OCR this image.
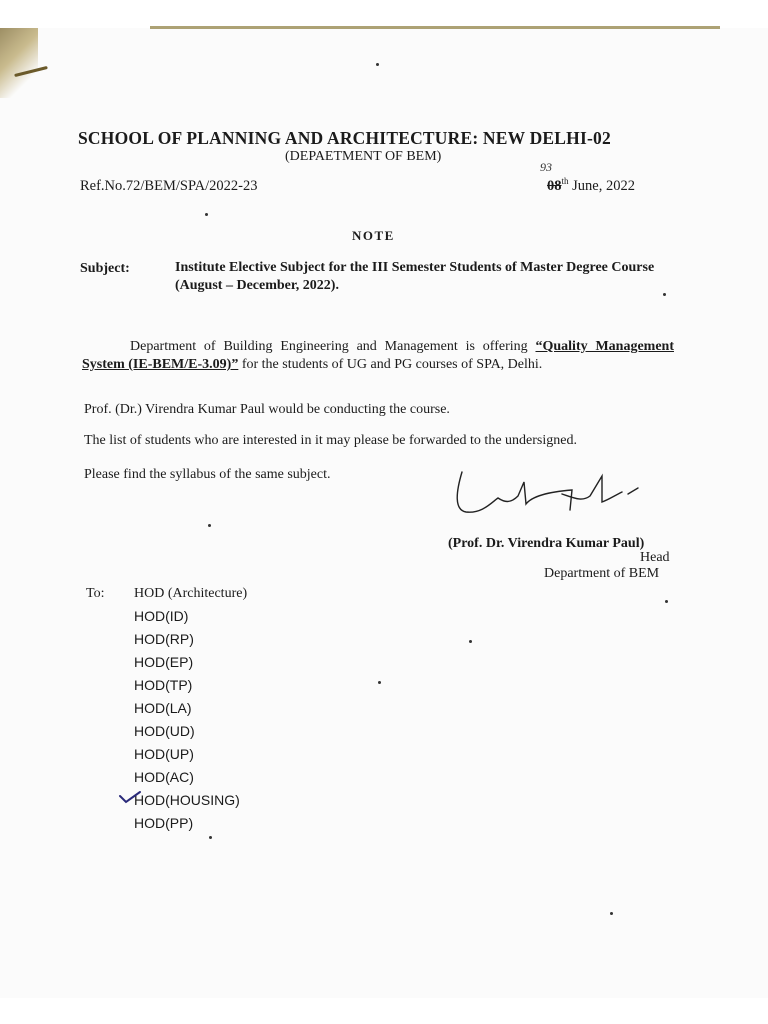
SCHOOL OF PLANNING AND ARCHITECTURE: NEW DELHI-02
(DEPAETMENT OF BEM)
Ref.No.72/BEM/SPA/2022-23
93
08th June, 2022
NOTE
Subject:	Institute Elective Subject for the III Semester Students of Master Degree Course (August – December, 2022).
Department of Building Engineering and Management is offering “Quality Management System (IE-BEM/E-3.09)” for the students of UG and PG courses of SPA, Delhi.
Prof. (Dr.) Virendra Kumar Paul would be conducting the course.
The list of students who are interested in it may please be forwarded to the undersigned.
Please find the syllabus of the same subject.
(Prof. Dr. Virendra Kumar Paul)
Head
Department of BEM
To: HOD (Architecture)
HOD(ID)
HOD(RP)
HOD(EP)
HOD(TP)
HOD(LA)
HOD(UD)
HOD(UP)
HOD(AC)
HOD(HOUSING)
HOD(PP)
